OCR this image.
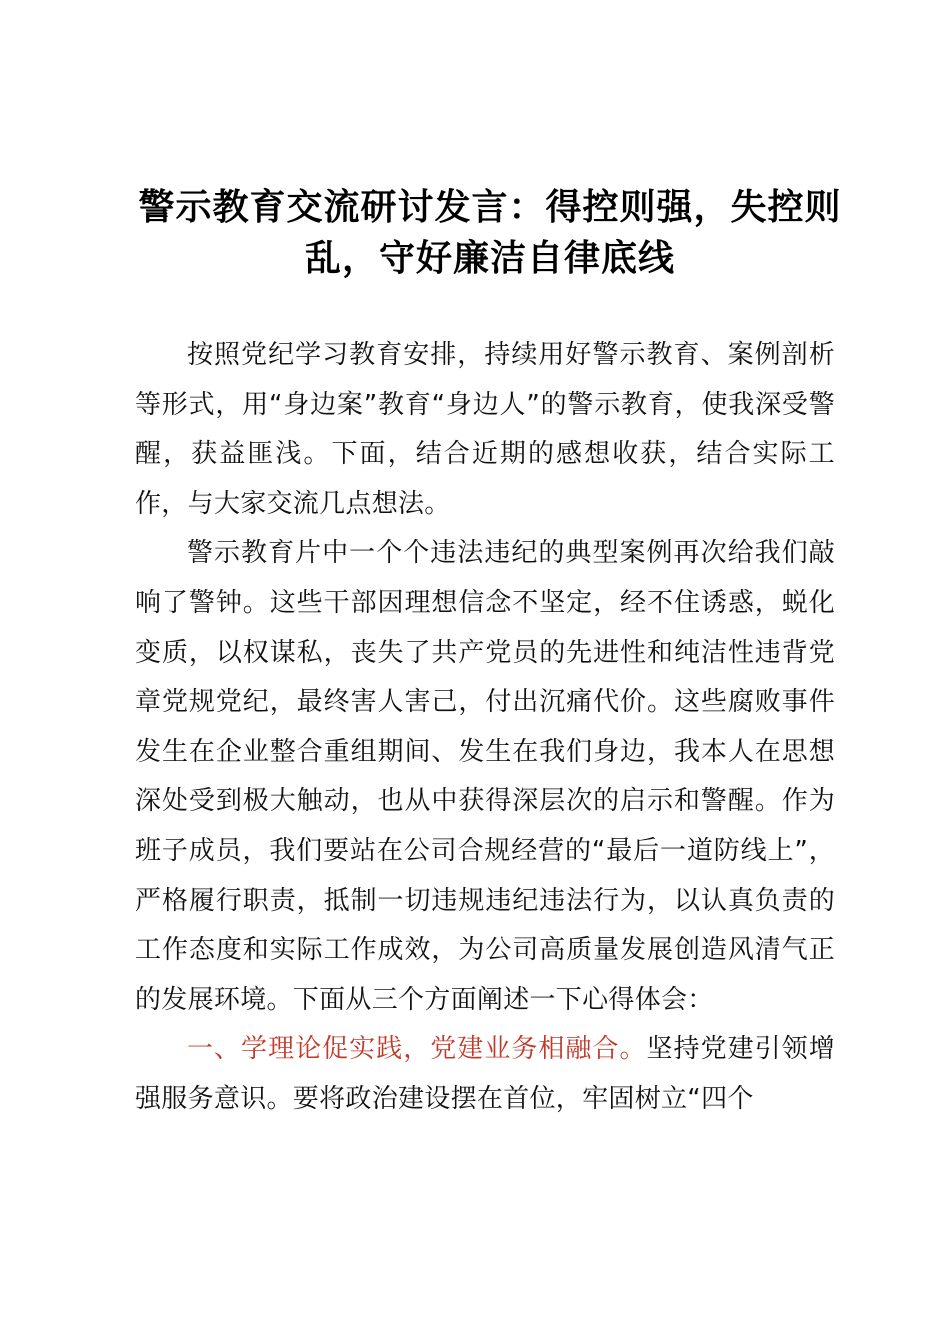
警示教育交流研讨发言：得控则强，失控则
乱，守好廉洁自律底线

按照党纪学习教育安排，持续用好警示教育、案例剖析等形式，用“身边案”教育“身边人”的警示教育，使我深受警醒，获益匪浅。下面，结合近期的感想收获，结合实际工作，与大家交流几点想法。

警示教育片中一个个违法违纪的典型案例再次给我们敲响了警钟。这些干部因理想信念不坚定，经不住诱惑，蜕化变质，以权谋私，丧失了共产党员的先进性和纯洁性违背党章党规党纪，最终害人害己，付出沉痛代价。这些腐败事件发生在企业整合重组期间、发生在我们身边，我本人在思想深处受到极大触动，也从中获得深层次的启示和警醒。作为班子成员，我们要站在公司合规经营的“最后一道防线上”，严格履行职责，抵制一切违规违纪违法行为，以认真负责的工作态度和实际工作成效，为公司高质量发展创造风清气正的发展环境。下面从三个方面阐述一下心得体会：

一、学理论促实践，党建业务相融合。坚持党建引领增强服务意识。要将政治建设摆在首位，牢固树立“四个
